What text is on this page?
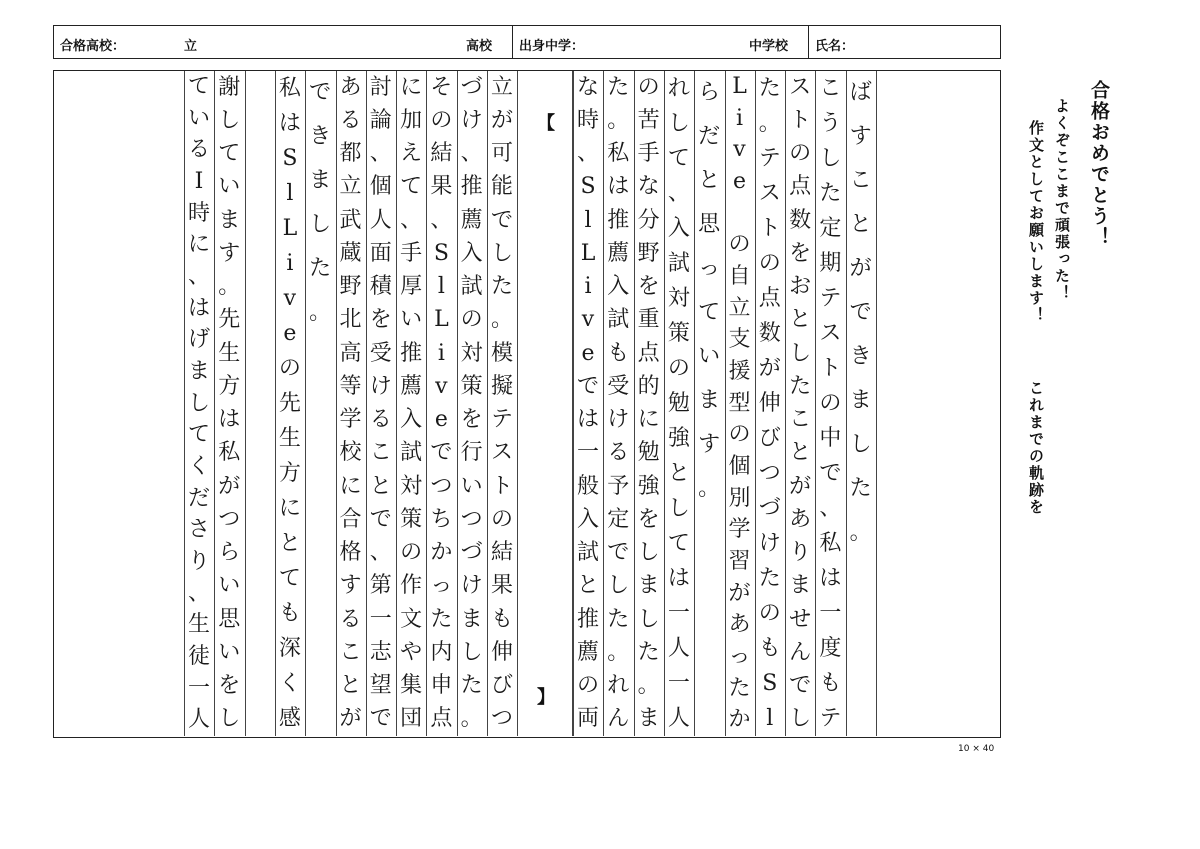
合格高校：	立	高校 出身中学：	中学校 氏名：
【
】
て
い
る
I
時
に
、
は
げ
ま
し
て
く
だ
さ
り
、
生
徒
一
人
謝
し
て
い
ま
す
。
先
生
方
は
私
が
つ
ら
い
思
い
を
し
私
は
S
l
L
i
v
e
の
先
生
方
に
と
て
も
深
く
感
で
き
ま
し
た
。
あ
る
都
立
武
蔵
野
北
高
等
学
校
に
合
格
す
る
こ
と
が
討
論
、
個
人
面
積
を
受
け
る
こ
と
で
、
第
一
志
望
で
に
加
え
て
、
手
厚
い
推
薦
入
試
対
策
の
作
文
や
集
団
そ
の
結
果
、
S
l
L
i
v
e
で
つ
ち
か
っ
た
内
申
点
づ
け
、
推
薦
入
試
の
対
策
を
行
い
つ
づ
け
ま
し
た
。
立
が
可
能
で
し
た
。
模
擬
テ
ス
ト
の
結
果
も
伸
び
つ
な
時
、
S
l
L
i
v
e
で
は
一
般
入
試
と
推
薦
の
両
た
。
私
は
推
薦
入
試
も
受
け
る
予
定
で
し
た
。
れ
ん
の
苦
手
な
分
野
を
重
点
的
に
勉
強
を
し
ま
し
た
。
ま
れ
し
て
、
入
試
対
策
の
勉
強
と
し
て
は
一
人
一
人
ら
だ
と
思
っ
て
い
ま
す
。
L
i
v
e
の
自
立
支
援
型
の
個
別
学
習
が
あ
っ
た
か
た
。
テ
ス
ト
の
点
数
が
伸
び
つ
づ
け
た
の
も
S
l
ス
ト
の
点
数
を
お
と
し
た
こ
と
が
あ
り
ま
せ
ん
で
し
こ
う
し
た
定
期
テ
ス
ト
の
中
で
、
私
は
一
度
も
テ
ば
す
こ
と
が
で
き
ま
し
た
。
10 × 40
合格おめでとう！
よくぞここまで頑張った！
作文としてお願いします！
これまでの軌跡を
